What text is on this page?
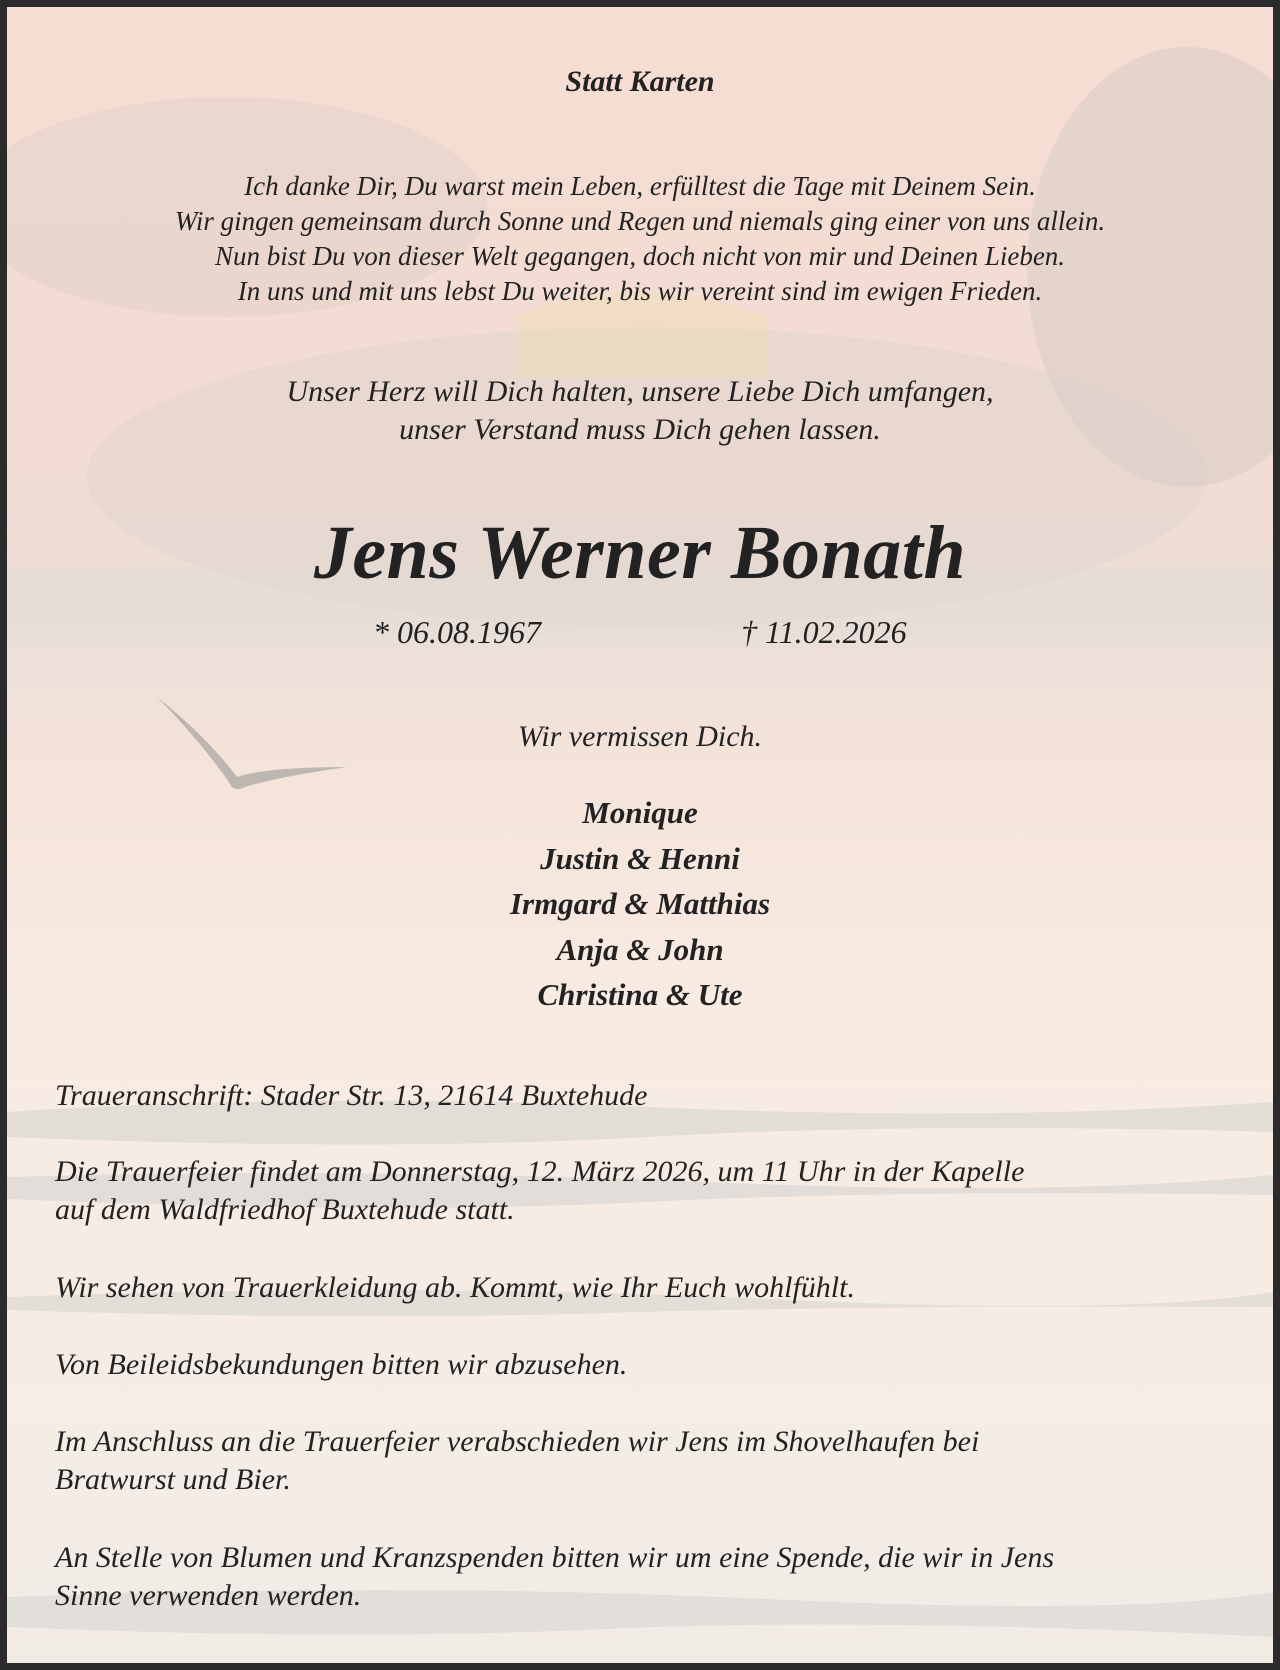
Statt Karten
Ich danke Dir, Du warst mein Leben, erfülltest die Tage mit Deinem Sein.
Wir gingen gemeinsam durch Sonne und Regen und niemals ging einer von uns allein.
Nun bist Du von dieser Welt gegangen, doch nicht von mir und Deinen Lieben.
In uns und mit uns lebst Du weiter, bis wir vereint sind im ewigen Frieden.
Unser Herz will Dich halten, unsere Liebe Dich umfangen,
unser Verstand muss Dich gehen lassen.
Jens Werner Bonath
* 06.08.1967	† 11.02.2026
Wir vermissen Dich.
Monique
Justin & Henni
Irmgard & Matthias
Anja & John
Christina & Ute
Traueranschrift: Stader Str. 13, 21614 Buxtehude
Die Trauerfeier findet am Donnerstag, 12. März 2026, um 11 Uhr in der Kapelle
auf dem Waldfriedhof Buxtehude statt.
Wir sehen von Trauerkleidung ab. Kommt, wie Ihr Euch wohlfühlt.
Von Beileidsbekundungen bitten wir abzusehen.
Im Anschluss an die Trauerfeier verabschieden wir Jens im Shovelhaufen bei
Bratwurst und Bier.
An Stelle von Blumen und Kranzspenden bitten wir um eine Spende, die wir in Jens
Sinne verwenden werden.
